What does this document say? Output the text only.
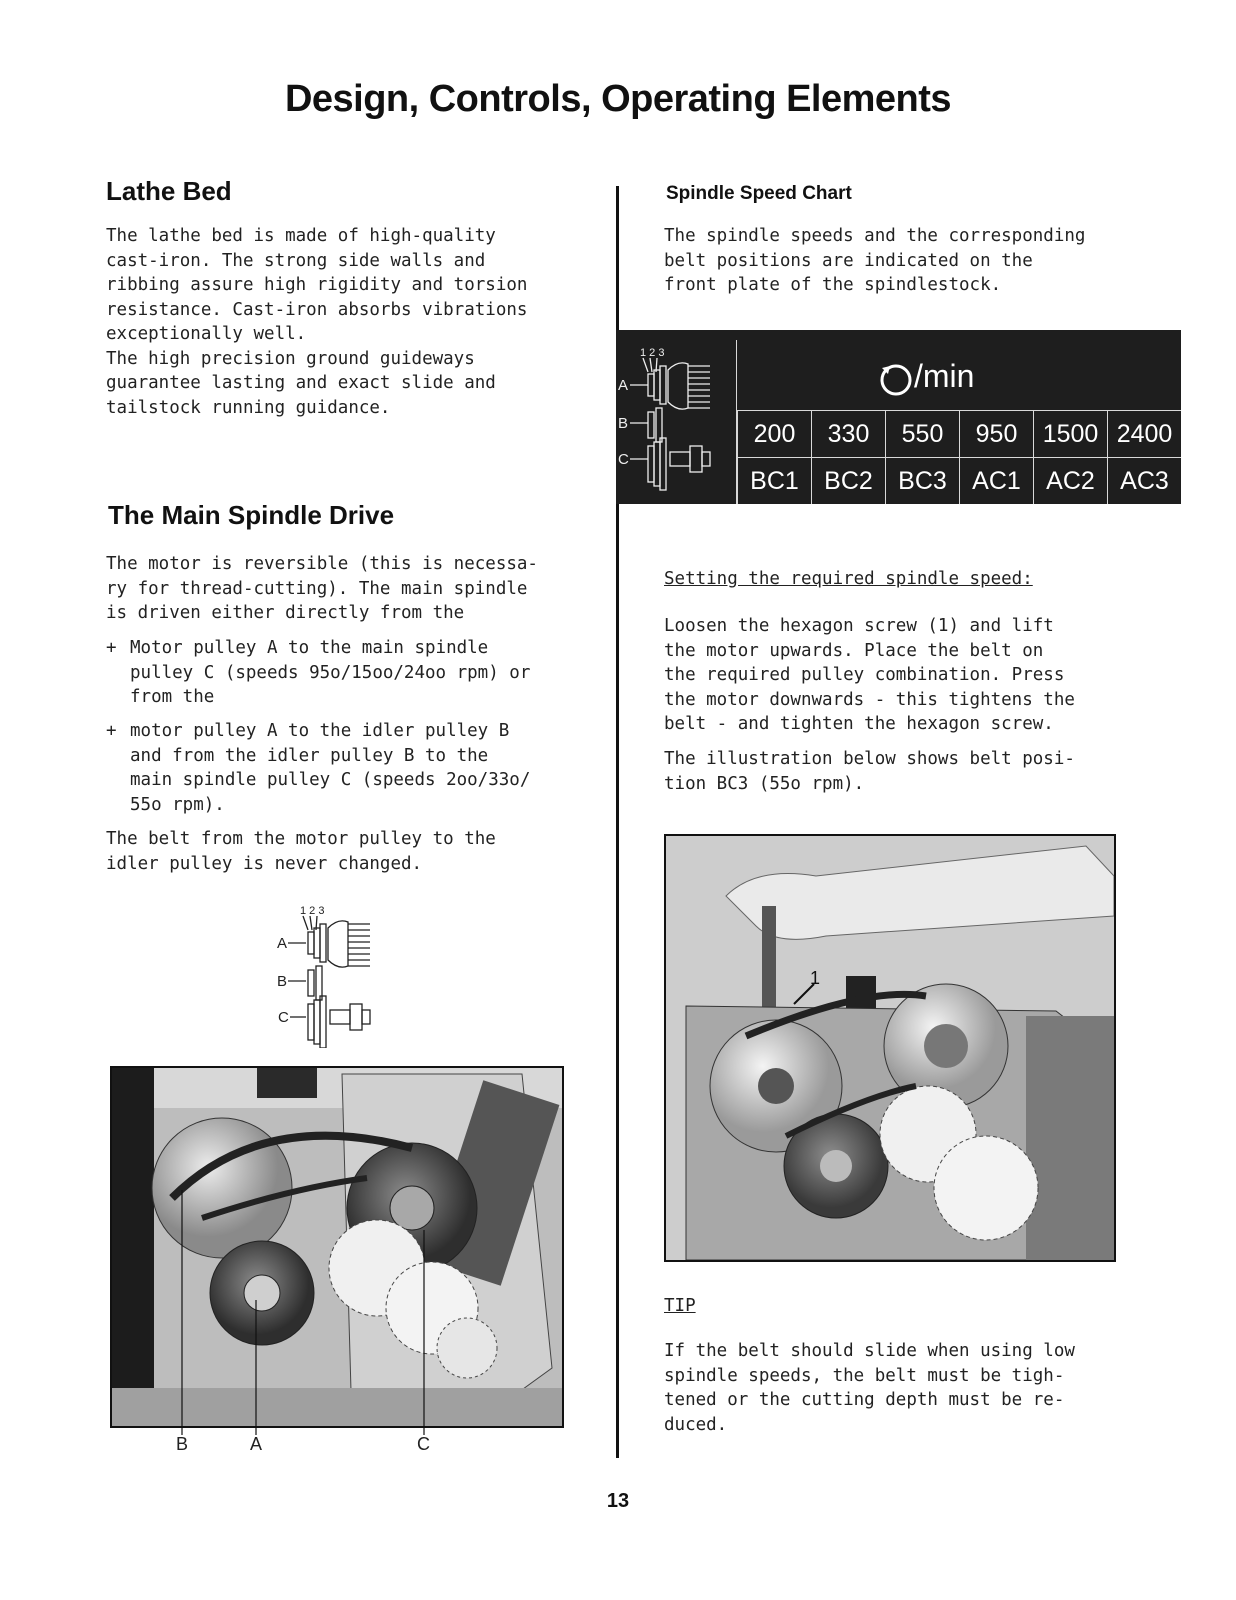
Design, Controls, Operating Elements
Lathe Bed
The lathe bed is made of high-quality
cast-iron. The strong side walls and
ribbing assure high rigidity and torsion
resistance. Cast-iron absorbs vibrations
exceptionally well.
The high precision ground guideways
guarantee lasting and exact slide and
tailstock running guidance.
The Main Spindle Drive
The motor is reversible (this is necessa-
ry for thread-cutting). The main spindle
is driven either directly from the
+ Motor pulley A to the main spindle
pulley C (speeds 95o/15oo/24oo rpm) or
from the
+ motor pulley A to the idler pulley B
and from the idler pulley B to the
main spindle pulley C (speeds 2oo/33o/
55o rpm).
The belt from the motor pulley to the
idler pulley is never changed.
1 2 3
A
B
C
B	A	C
Spindle Speed Chart
The spindle speeds and the corresponding
belt positions are indicated on the
front plate of the spindlestock.
1 2 3
A
B
C
/min
200	330	550	950	1500 2400
BC1	BC2	BC3	AC1	AC2	AC3
Setting the required spindle speed:
Loosen the hexagon screw (1) and lift
the motor upwards. Place the belt on
the required pulley combination. Press
the motor downwards - this tightens the
belt - and tighten the hexagon screw.
The illustration below shows belt posi-
tion BC3 (55o rpm).
1
TIP
If the belt should slide when using low
spindle speeds, the belt must be tigh-
tened or the cutting depth must be re-
duced.
13
